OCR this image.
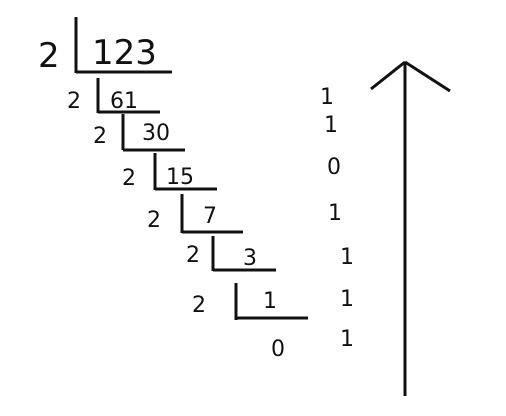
2 123
2 61
2 30
2 15
2 7
2 3
2	1
0
1
1
0
1
1
1
1
